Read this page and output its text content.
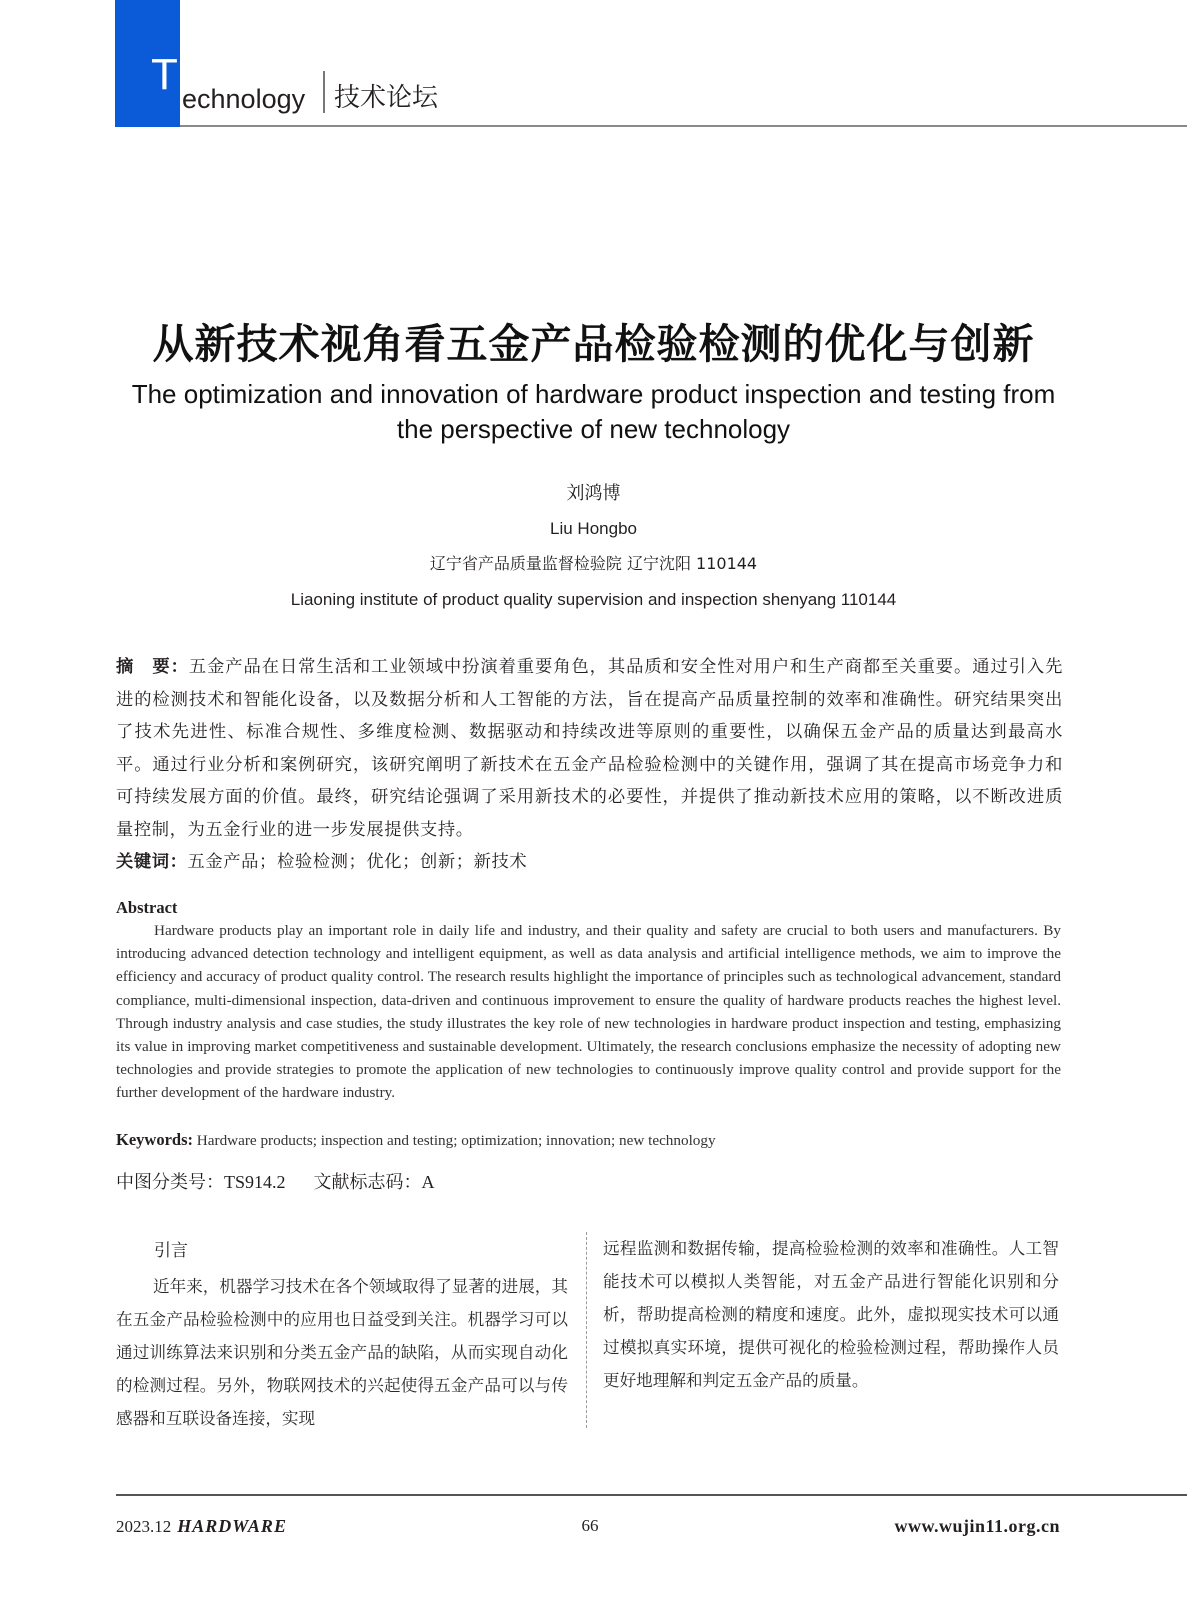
T echnology 技术论坛
从新技术视角看五金产品检验检测的优化与创新
The optimization and innovation of hardware product inspection and testing from the perspective of new technology
刘鸿博
Liu Hongbo
辽宁省产品质量监督检验院 辽宁沈阳 110144
Liaoning institute of product quality supervision and inspection shenyang 110144
摘　要：五金产品在日常生活和工业领域中扮演着重要角色，其品质和安全性对用户和生产商都至关重要。通过引入先进的检测技术和智能化设备，以及数据分析和人工智能的方法，旨在提高产品质量控制的效率和准确性。研究结果突出了技术先进性、标准合规性、多维度检测、数据驱动和持续改进等原则的重要性，以确保五金产品的质量达到最高水平。通过行业分析和案例研究，该研究阐明了新技术在五金产品检验检测中的关键作用，强调了其在提高市场竞争力和可持续发展方面的价值。最终，研究结论强调了采用新技术的必要性，并提供了推动新技术应用的策略，以不断改进质量控制，为五金行业的进一步发展提供支持。
关键词：五金产品；检验检测；优化；创新；新技术
Abstract
Hardware products play an important role in daily life and industry, and their quality and safety are crucial to both users and manufacturers. By introducing advanced detection technology and intelligent equipment, as well as data analysis and artificial intelligence methods, we aim to improve the efficiency and accuracy of product quality control. The research results highlight the importance of principles such as technological advancement, standard compliance, multi-dimensional inspection, data-driven and continuous improvement to ensure the quality of hardware products reaches the highest level. Through industry analysis and case studies, the study illustrates the key role of new technologies in hardware product inspection and testing, emphasizing its value in improving market competitiveness and sustainable development. Ultimately, the research conclusions emphasize the necessity of adopting new technologies and provide strategies to promote the application of new technologies to continuously improve quality control and provide support for the further development of the hardware industry.
Keywords: Hardware products; inspection and testing; optimization; innovation; new technology
中图分类号：TS914.2 文献标志码：A
引言

近年来，机器学习技术在各个领域取得了显著的进展，其在五金产品检验检测中的应用也日益受到关注。机器学习可以通过训练算法来识别和分类五金产品的缺陷，从而实现自动化的检测过程。另外，物联网技术的兴起使得五金产品可以与传感器和互联设备连接，实现

远程监测和数据传输，提高检验检测的效率和准确性。人工智能技术可以模拟人类智能，对五金产品进行智能化识别和分析，帮助提高检测的精度和速度。此外，虚拟现实技术可以通过模拟真实环境，提供可视化的检验检测过程，帮助操作人员更好地理解和判定五金产品的质量。

2023.12 HARDWARE	66	www.wujin11.org.cn
